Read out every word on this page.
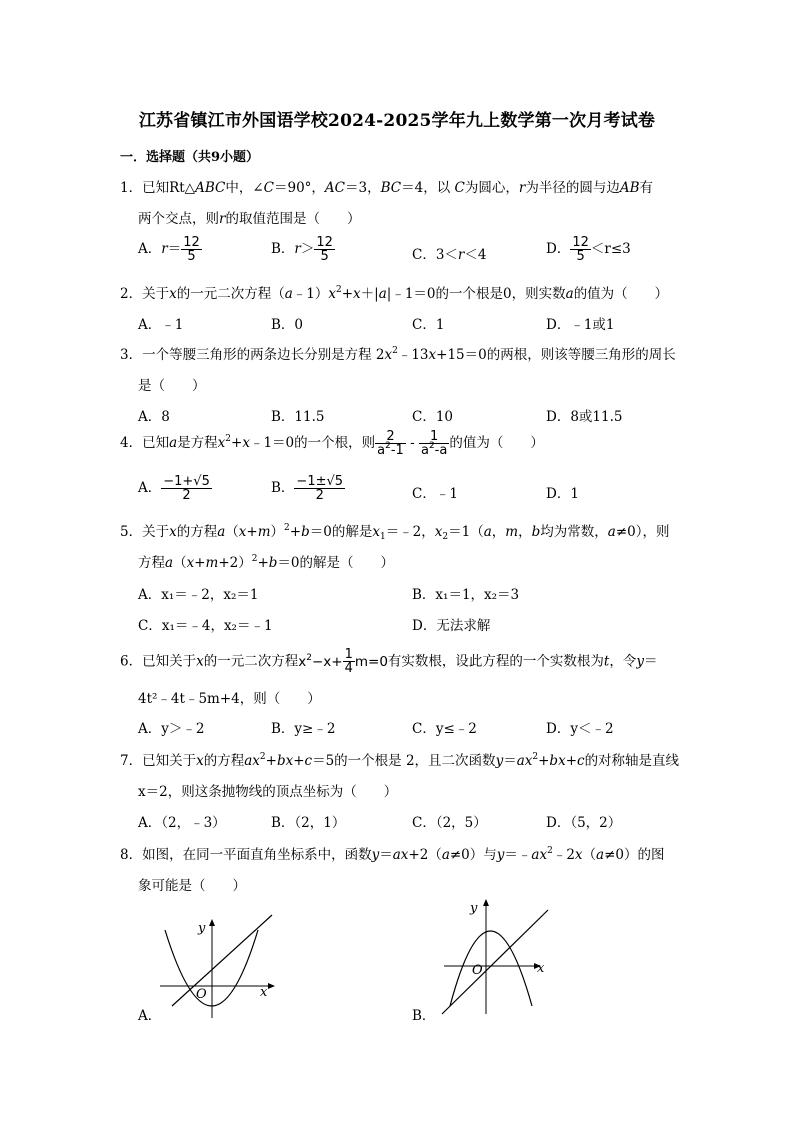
江苏省镇江市外国语学校2024-2025学年九上数学第一次月考试卷
一．选择题（共9小题）
1．已知Rt△ABC中，∠C＝90°，AC＝3，BC＝4，以 C为圆心，r为半径的圆与边AB有
两个交点，则r的取值范围是（　　）
A．$r= \frac{12}{5}$	B．$r> \frac{12}{5}$	C．3＜r＜4	D． $\frac{12}{5} <r\le 3$
2．关于x的一元二次方程$(a﹣1)x^2+x+|a|﹣1=0$的一个根是0，则实数a的值为（　　）
A．﹣1	B．0	C．1	D．﹣1或1
3．一个等腰三角形的两条边长分别是方程 $2x^2﹣13x+15=0$的两根，则该等腰三角形的周长
是（　　）
A．8	B．11.5	C．10	D．8或11.5
4．已知a是方程$x^2+x﹣1=0$的一个根，则 $\frac{2}{a^2-1} - \frac{1}{a^2-a}$ 的值为（　　）
A． $\frac{-1+√5}{2}$	B． $\frac{-1\pm√5}{2}$	C．﹣1	D．1
5．关于x的方程$a(x+m)^2+b=0$的解是$x_1=﹣2$，$x_2=1(a$，m，b均为常数，a≠0），则
方程$a(x+m+2)^2+b=0$的解是（　　）
A．x₁＝﹣2，x₂＝1	B．x₁＝1，x₂＝3
C．x₁＝﹣4，x₂＝﹣1	D．无法求解
6．已知关于x的一元二次方程$x^2-x+ \frac{1}{4} m=0$有实数根，设此方程的一个实数根为t，令y＝
4t²﹣4t﹣5m+4，则（　　）
A．y＞﹣2	B．y≥﹣2	C．y≤﹣2	D．y＜﹣2
7．已知关于x的方程$ax^2+bx+c=5$的一个根是 2，且二次函数$y=ax^2+bx+c$的对称轴是直线
x＝2，则这条抛物线的顶点坐标为（　　）
A．（2，﹣3）	B．（2，1）	C．（2，5）	D．（5，2）
8．如图，在同一平面直角坐标系中，函数y＝ax+2（a≠0）与$y=﹣ax^2﹣2x(a\ne 0)$的图
象可能是（　　）
y
x
O
A．
y
x
O
B．
